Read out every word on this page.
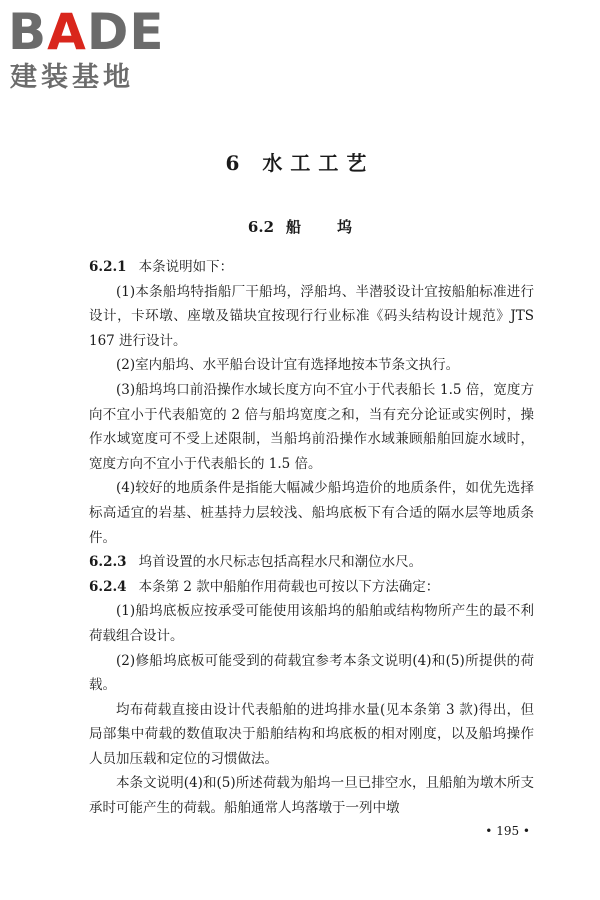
BADE
建装基地
6 水工工艺
6.2 船 坞

6.2.1 本条说明如下：

(1)本条船坞特指船厂干船坞，浮船坞、半潜驳设计宜按船舶标准进行设计，卡环墩、座墩及锚块宜按现行行业标准《码头结构设计规范》JTS 167 进行设计。

(2)室内船坞、水平船台设计宜有选择地按本节条文执行。

(3)船坞坞口前沿操作水域长度方向不宜小于代表船长 1.5 倍，宽度方向不宜小于代表船宽的 2 倍与船坞宽度之和，当有充分论证或实例时，操作水域宽度可不受上述限制，当船坞前沿操作水域兼顾船舶回旋水域时，宽度方向不宜小于代表船长的 1.5 倍。

(4)较好的地质条件是指能大幅减少船坞造价的地质条件，如优先选择标高适宜的岩基、桩基持力层较浅、船坞底板下有合适的隔水层等地质条件。

6.2.3 坞首设置的水尺标志包括高程水尺和潮位水尺。

6.2.4 本条第 2 款中船舶作用荷载也可按以下方法确定：

(1)船坞底板应按承受可能使用该船坞的船舶或结构物所产生的最不利荷载组合设计。

(2)修船坞底板可能受到的荷载宜参考本条文说明(4)和(5)所提供的荷载。

均布荷载直接由设计代表船舶的进坞排水量(见本条第 3 款)得出，但局部集中荷载的数值取决于船舶结构和坞底板的相对刚度，以及船坞操作人员加压载和定位的习惯做法。

本条文说明(4)和(5)所述荷载为船坞一旦已排空水，且船舶为墩木所支承时可能产生的荷载。船舶通常人坞落墩于一列中墩

• 195 •
